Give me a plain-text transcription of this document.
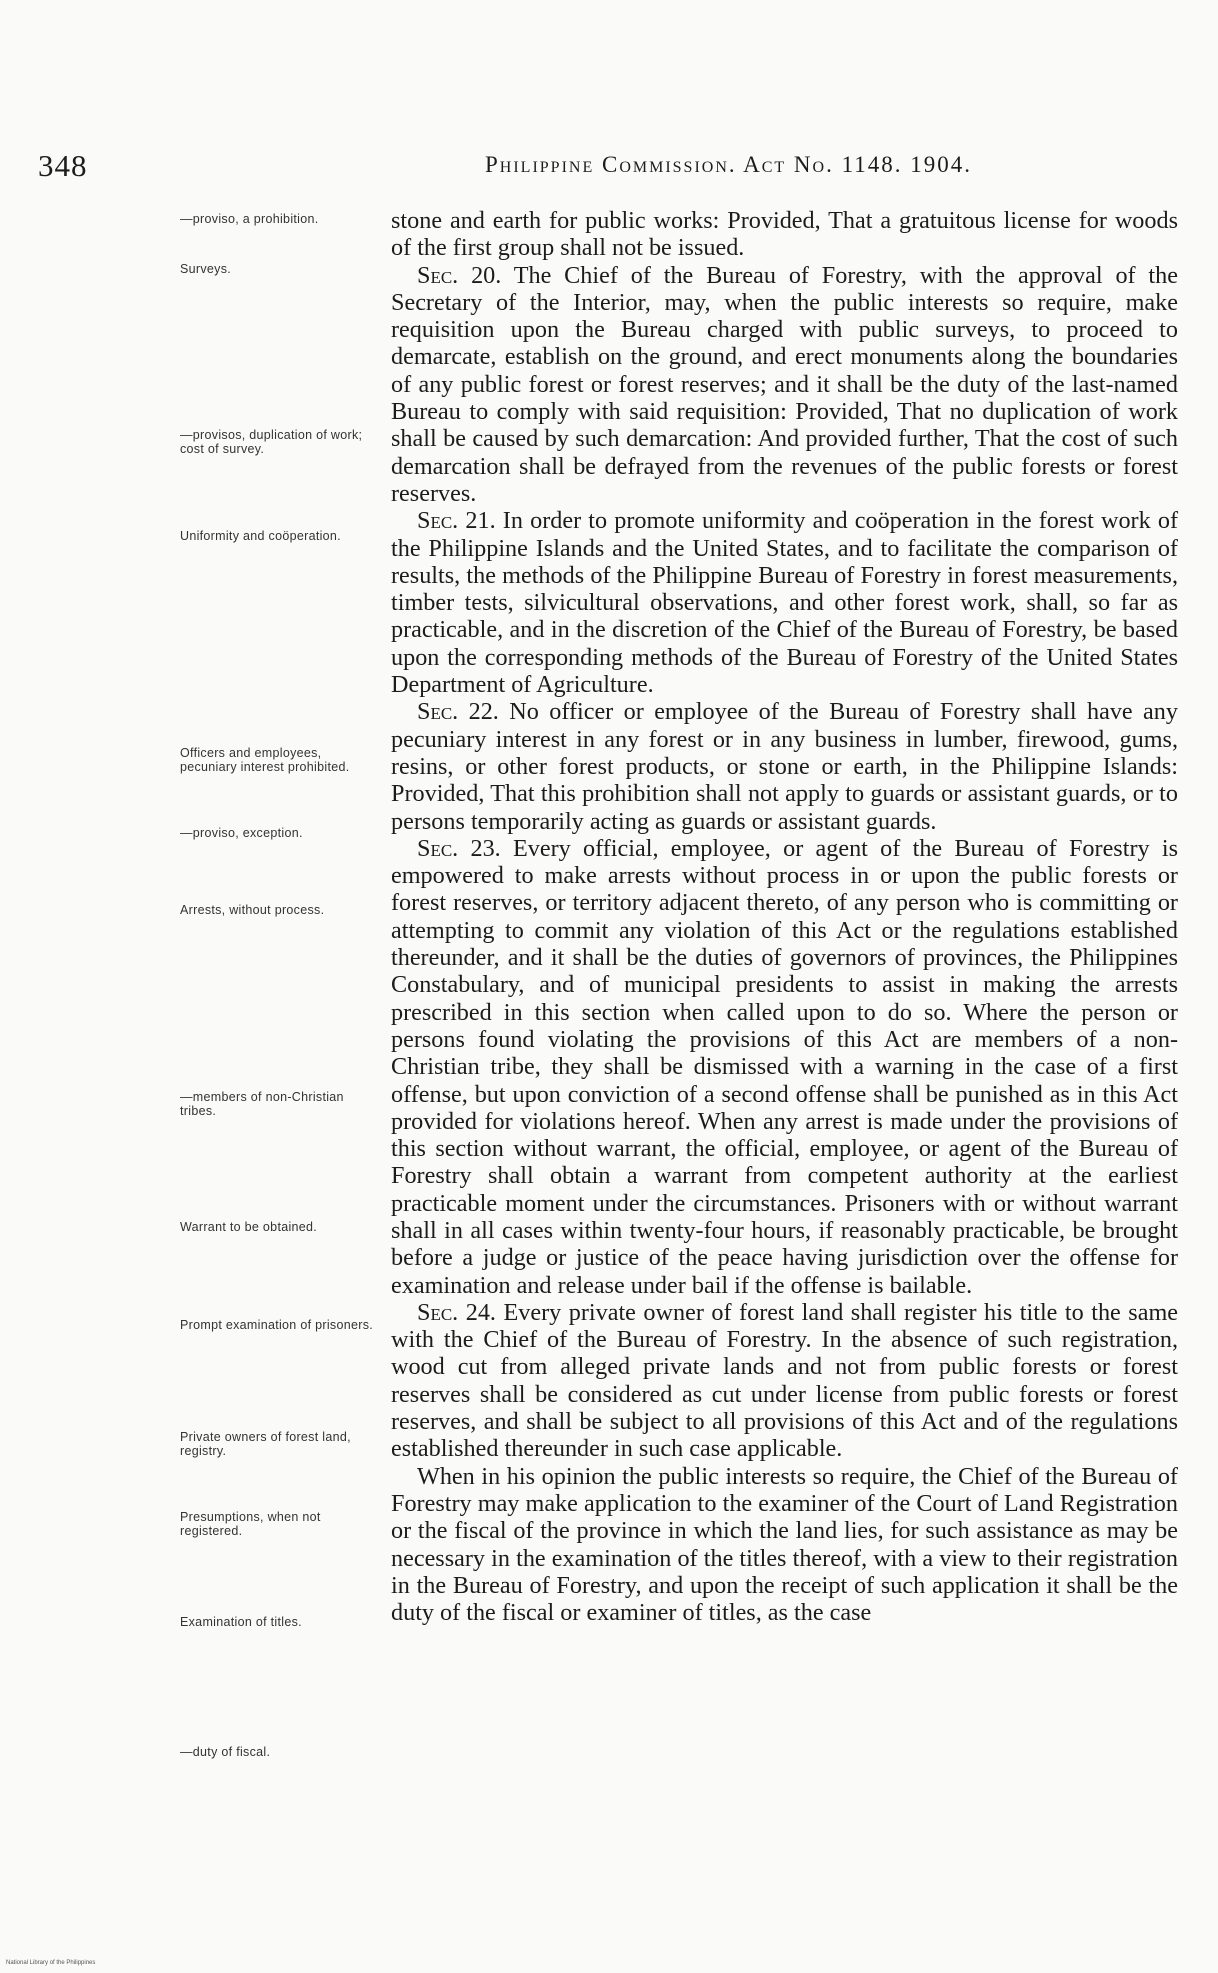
348	Philippine Commission. Act No. 1148. 1904.
—proviso, a prohibition.
Surveys.
—provisos, duplication of work; cost of survey.
Uniformity and coöperation.
Officers and employees, pecuniary interest prohibited.
—proviso, exception.
Arrests, without process.
—members of non-Christian tribes.
Warrant to be obtained.
Prompt examination of prisoners.
Private owners of forest land, registry.
Presumptions, when not registered.
Examination of titles.
—duty of fiscal.

stone and earth for public works: Provided, That a gratuitous license for woods of the first group shall not be issued.

Sec. 20. The Chief of the Bureau of Forestry, with the approval of the Secretary of the Interior, may, when the public interests so require, make requisition upon the Bureau charged with public surveys, to proceed to demarcate, establish on the ground, and erect monuments along the boundaries of any public forest or forest reserves; and it shall be the duty of the last-named Bureau to comply with said requisition: Provided, That no duplication of work shall be caused by such demarcation: And provided further, That the cost of such demarcation shall be defrayed from the revenues of the public forests or forest reserves.

Sec. 21. In order to promote uniformity and coöperation in the forest work of the Philippine Islands and the United States, and to facilitate the comparison of results, the methods of the Philippine Bureau of Forestry in forest measurements, timber tests, silvicultural observations, and other forest work, shall, so far as practicable, and in the discretion of the Chief of the Bureau of Forestry, be based upon the corresponding methods of the Bureau of Forestry of the United States Department of Agriculture.

Sec. 22. No officer or employee of the Bureau of Forestry shall have any pecuniary interest in any forest or in any business in lumber, firewood, gums, resins, or other forest products, or stone or earth, in the Philippine Islands: Provided, That this prohibition shall not apply to guards or assistant guards, or to persons temporarily acting as guards or assistant guards.

Sec. 23. Every official, employee, or agent of the Bureau of Forestry is empowered to make arrests without process in or upon the public forests or forest reserves, or territory adjacent thereto, of any person who is committing or attempting to commit any violation of this Act or the regulations established thereunder, and it shall be the duties of governors of provinces, the Philippines Constabulary, and of municipal presidents to assist in making the arrests prescribed in this section when called upon to do so. Where the person or persons found violating the provisions of this Act are members of a non-Christian tribe, they shall be dismissed with a warning in the case of a first offense, but upon conviction of a second offense shall be punished as in this Act provided for violations hereof. When any arrest is made under the provisions of this section without warrant, the official, employee, or agent of the Bureau of Forestry shall obtain a warrant from competent authority at the earliest practicable moment under the circumstances. Prisoners with or without warrant shall in all cases within twenty-four hours, if reasonably practicable, be brought before a judge or justice of the peace having jurisdiction over the offense for examination and release under bail if the offense is bailable.

Sec. 24. Every private owner of forest land shall register his title to the same with the Chief of the Bureau of Forestry. In the absence of such registration, wood cut from alleged private lands and not from public forests or forest reserves shall be considered as cut under license from public forests or forest reserves, and shall be subject to all provisions of this Act and of the regulations established thereunder in such case applicable.

When in his opinion the public interests so require, the Chief of the Bureau of Forestry may make application to the examiner of the Court of Land Registration or the fiscal of the province in which the land lies, for such assistance as may be necessary in the examination of the titles thereof, with a view to their registration in the Bureau of Forestry, and upon the receipt of such application it shall be the duty of the fiscal or examiner of titles, as the case

National Library of the Philippines
